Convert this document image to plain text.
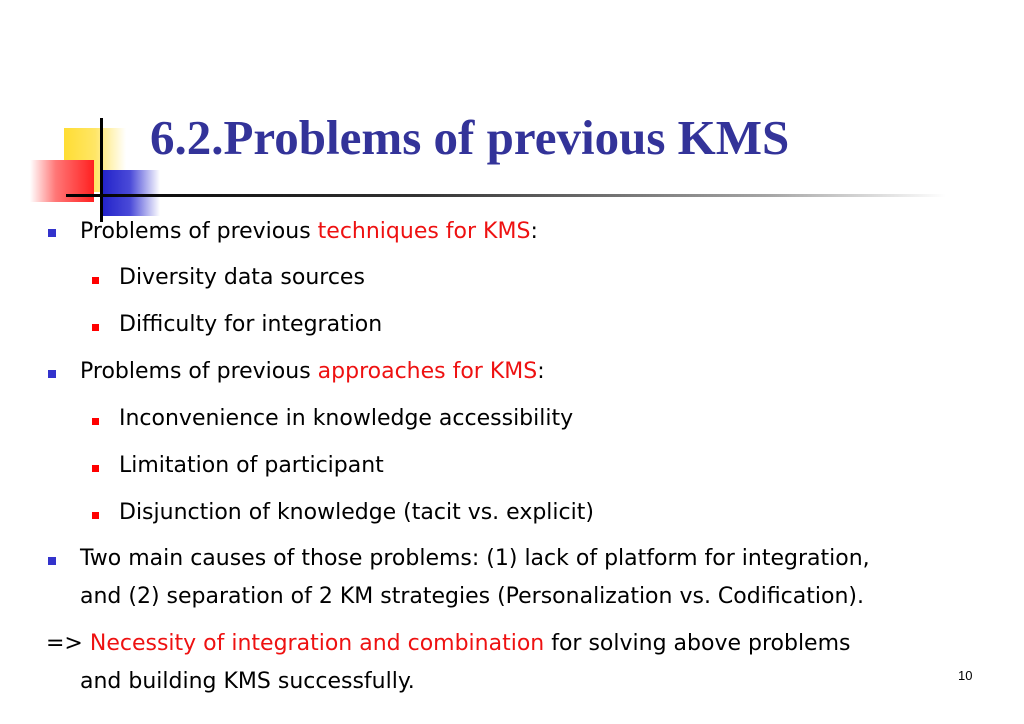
6.2.Problems of previous KMS
Problems of previous techniques for KMS:
Diversity data sources
Difficulty for integration
Problems of previous approaches for KMS:
Inconvenience in knowledge accessibility
Limitation of participant
Disjunction of knowledge (tacit vs. explicit)
Two main causes of those problems: (1) lack of platform for integration,
and (2) separation of 2 KM strategies (Personalization vs. Codification).
=> Necessity of integration and combination for solving above problems
and building KMS successfully.	10
